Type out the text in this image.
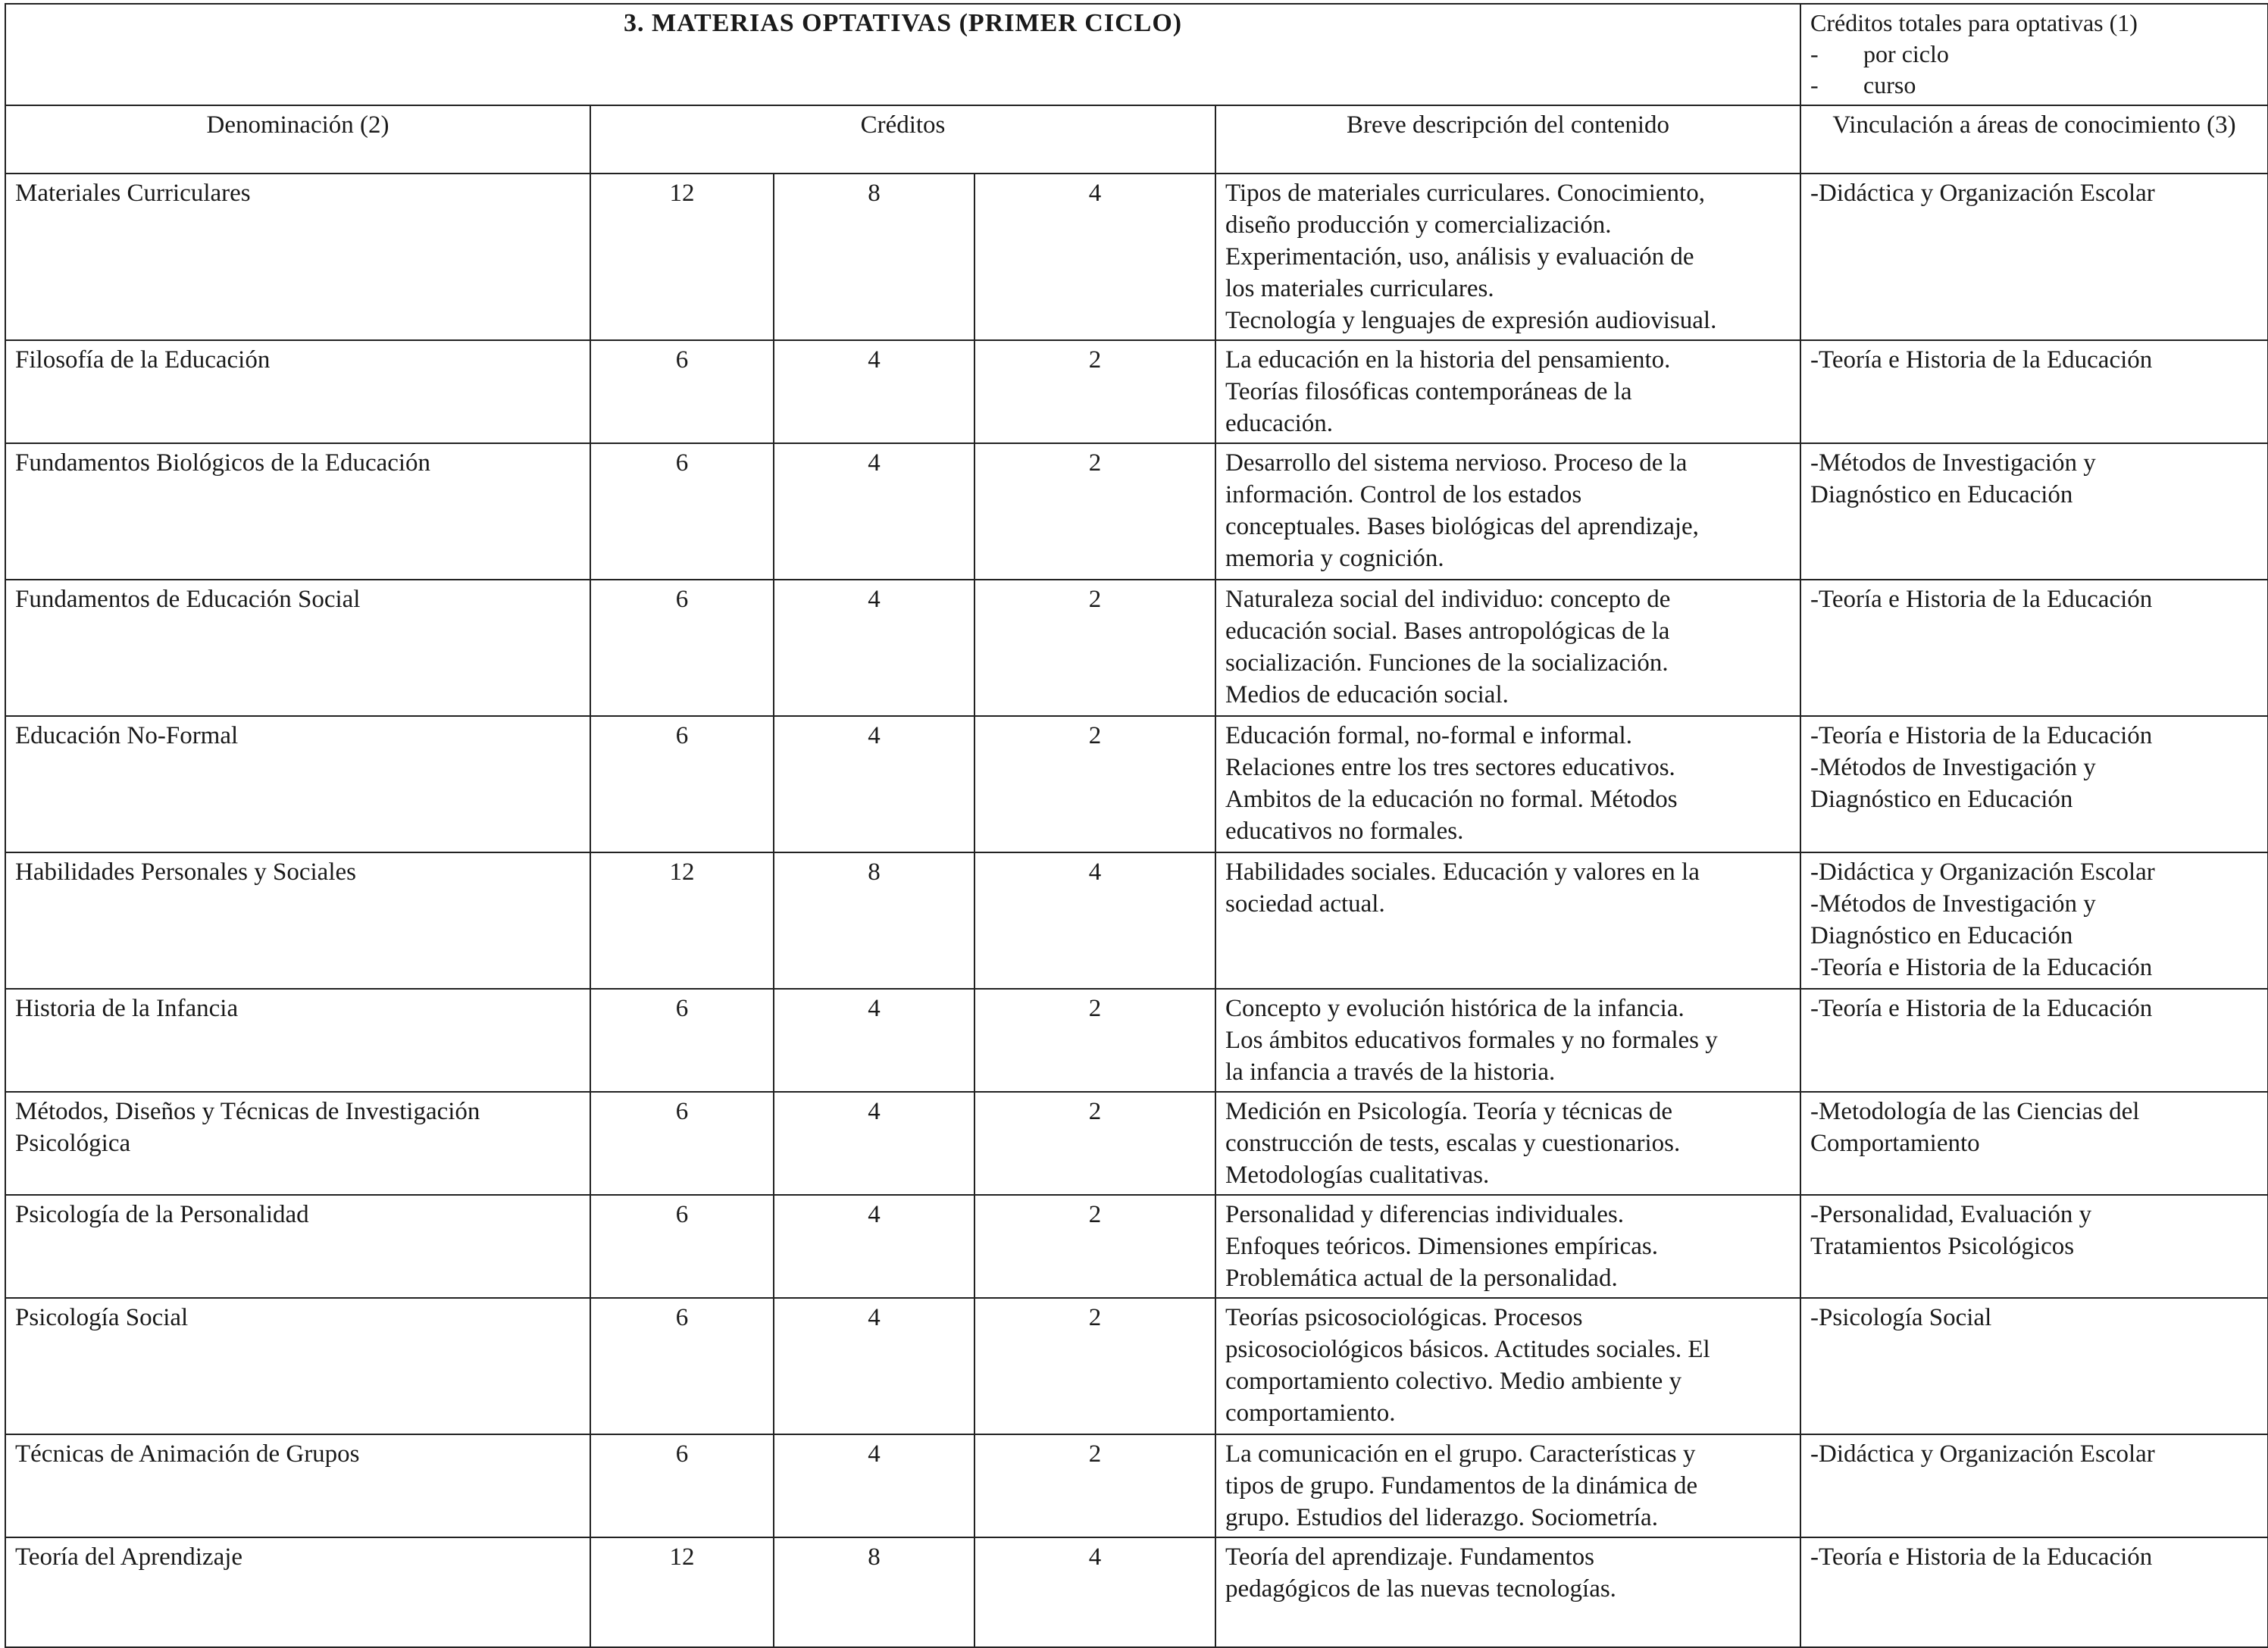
3. MATERIAS OPTATIVAS (PRIMER CICLO)					Créditos totales para optativas (1)
- por ciclo
- curso

Denominación (2)	Créditos			Breve descripción del contenido	Vinculación a áreas de conocimiento (3)
Materiales Curriculares	12	8	4	Tipos de materiales curriculares. Conocimiento,
diseño producción y comercialización.
Experimentación, uso, análisis y evaluación de
los materiales curriculares.
Tecnología y lenguajes de expresión audiovisual.	-Didáctica y Organización Escolar

Filosofía de la Educación	6	4	2	La educación en la historia del pensamiento.
Teorías filosóficas contemporáneas de la
educación.	-Teoría e Historia de la Educación

Fundamentos Biológicos de la Educación	6	4	2	Desarrollo del sistema nervioso. Proceso de la
información. Control de los estados
conceptuales. Bases biológicas del aprendizaje,
memoria y cognición.	-Métodos de Investigación y
Diagnóstico en Educación

Fundamentos de Educación Social	6	4	2	Naturaleza social del individuo: concepto de
educación social. Bases antropológicas de la
socialización. Funciones de la socialización.
Medios de educación social.	-Teoría e Historia de la Educación

Educación No-Formal	6	4	2	Educación formal, no-formal e informal.
Relaciones entre los tres sectores educativos.
Ambitos de la educación no formal. Métodos
educativos no formales.	-Teoría e Historia de la Educación
-Métodos de Investigación y
Diagnóstico en Educación

Habilidades Personales y Sociales	12	8	4	Habilidades sociales. Educación y valores en la
sociedad actual.	-Didáctica y Organización Escolar
-Métodos de Investigación y
Diagnóstico en Educación
-Teoría e Historia de la Educación

Historia de la Infancia	6	4	2	Concepto y evolución histórica de la infancia.
Los ámbitos educativos formales y no formales y
la infancia a través de la historia.	-Teoría e Historia de la Educación

Métodos, Diseños y Técnicas de Investigación
Psicológica	6	4	2	Medición en Psicología. Teoría y técnicas de
construcción de tests, escalas y cuestionarios.
Metodologías cualitativas.	-Metodología de las Ciencias del
Comportamiento

Psicología de la Personalidad	6	4	2	Personalidad y diferencias individuales.
Enfoques teóricos. Dimensiones empíricas.
Problemática actual de la personalidad.	-Personalidad, Evaluación y
Tratamientos Psicológicos

Psicología Social	6	4	2	Teorías psicosociológicas. Procesos
psicosociológicos básicos. Actitudes sociales. El
comportamiento colectivo. Medio ambiente y
comportamiento.	-Psicología Social

Técnicas de Animación de Grupos	6	4	2	La comunicación en el grupo. Características y
tipos de grupo. Fundamentos de la dinámica de
grupo. Estudios del liderazgo. Sociometría.	-Didáctica y Organización Escolar

Teoría del Aprendizaje	12	8	4	Teoría del aprendizaje. Fundamentos
pedagógicos de las nuevas tecnologías.	-Teoría e Historia de la Educación
